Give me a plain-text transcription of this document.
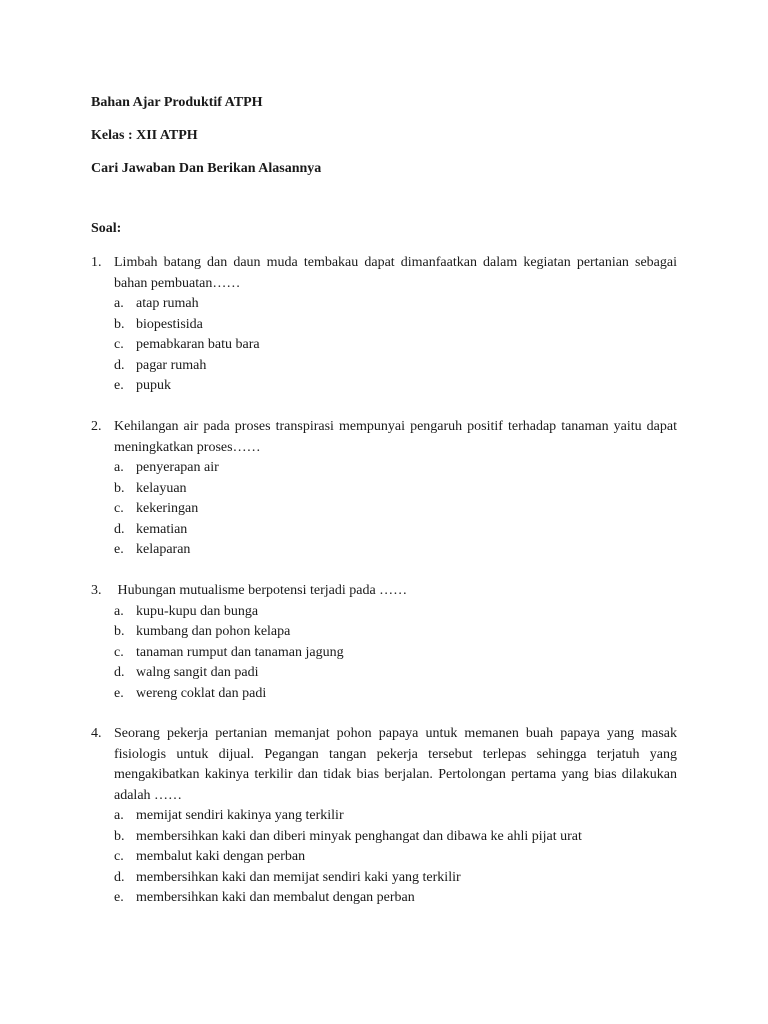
Bahan Ajar Produktif ATPH
Kelas : XII ATPH
Cari Jawaban Dan Berikan Alasannya
Soal:
1. Limbah batang dan daun muda tembakau dapat dimanfaatkan dalam kegiatan pertanian sebagai bahan pembuatan……
a. atap rumah
b. biopestisida
c. pemabkaran batu bara
d. pagar rumah
e. pupuk
2. Kehilangan air pada proses transpirasi mempunyai pengaruh positif terhadap tanaman yaitu dapat meningkatkan proses……
a. penyerapan air
b. kelayuan
c. kekeringan
d. kematian
e. kelaparan
3. Hubungan mutualisme berpotensi terjadi pada ……
a. kupu-kupu dan bunga
b. kumbang dan pohon kelapa
c. tanaman rumput dan tanaman jagung
d. walng sangit dan padi
e. wereng coklat dan padi
4. Seorang pekerja pertanian memanjat pohon papaya untuk memanen buah papaya yang masak fisiologis untuk dijual. Pegangan tangan pekerja tersebut terlepas sehingga terjatuh yang mengakibatkan kakinya terkilir dan tidak bias berjalan. Pertolongan pertama yang bias dilakukan adalah ……
a. memijat sendiri kakinya yang terkilir
b. membersihkan kaki dan diberi minyak penghangat dan dibawa ke ahli pijat urat
c. membalut kaki dengan perban
d. membersihkan kaki dan memijat sendiri kaki yang terkilir
e. membersihkan kaki dan membalut dengan perban
